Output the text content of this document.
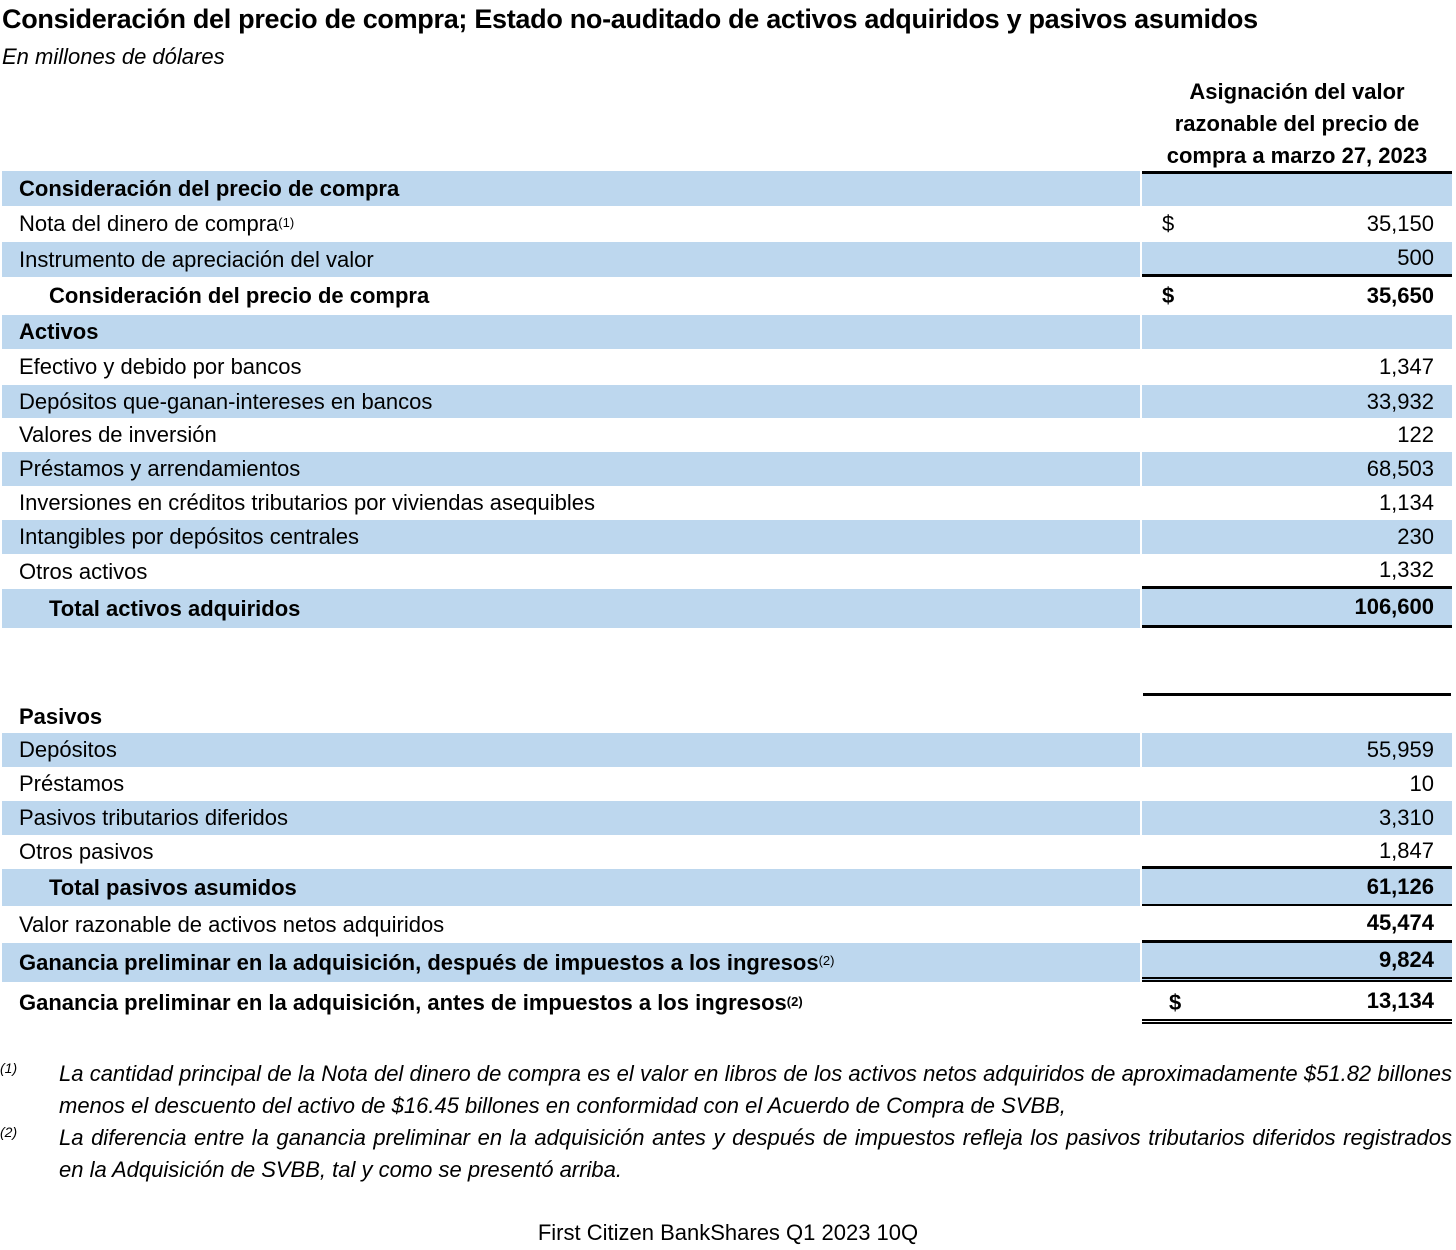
Consideración del precio de compra; Estado no-auditado de activos adquiridos y pasivos asumidos
En millones de dólares
Asignación del valor
razonable del precio de
compra a marzo 27, 2023
Consideración del precio de compra
Nota del dinero de compra$^{(1)}$	$	35,150
Instrumento de apreciación del valor	500
Consideración del precio de compra	$	35,650
Activos
Efectivo y debido por bancos	1,347
Depósitos que-ganan-intereses en bancos	33,932
Valores de inversión	122
Préstamos y arrendamientos	68,503
Inversiones en créditos tributarios por viviendas asequibles	1,134
Intangibles por depósitos centrales	230
Otros activos	1,332
Total activos adquiridos	106,600
Pasivos
Depósitos	55,959
Préstamos	10
Pasivos tributarios diferidos	3,310
Otros pasivos	1,847
Total pasivos asumidos	61,126
Valor razonable de activos netos adquiridos	45,474
Ganancia preliminar en la adquisición, después de impuestos a los ingresos$^{(2)}$	9,824
Ganancia preliminar en la adquisición, antes de impuestos a los ingresos$^{(2)}$	$	13,134
(1) La cantidad principal de la Nota del dinero de compra es el valor en libros de los activos netos adquiridos de aproximadamente $51.82 billones menos el descuento del activo de $16.45 billones en conformidad con el Acuerdo de Compra de SVBB,
(2) La diferencia entre la ganancia preliminar en la adquisición antes y después de impuestos refleja los pasivos tributarios diferidos registrados en la Adquisición de SVBB, tal y como se presentó arriba.
First Citizen BankShares Q1 2023 10Q
